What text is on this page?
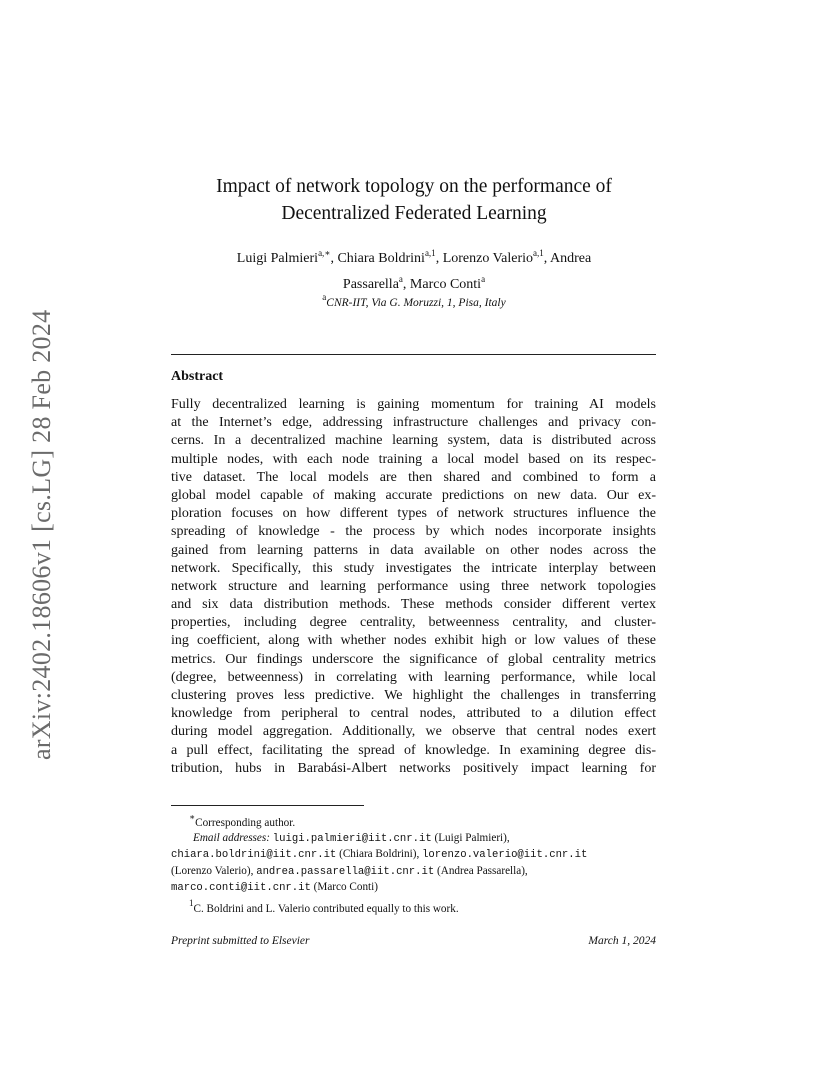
arXiv:2402.18606v1 [cs.LG] 28 Feb 2024
Impact of network topology on the performance of
Decentralized Federated Learning
Luigi Palmieri$^{a,∗}$, Chiara Boldrini$^{a,1}$, Lorenzo Valerio$^{a,1}$, Andrea
Passarella$^a$, Marco Conti$^a$
$^a$CNR-IIT, Via G. Moruzzi, 1, Pisa, Italy
Abstract
Fully decentralized learning is gaining momentum for training AI models
at the Internet’s edge, addressing infrastructure challenges and privacy con-
cerns. In a decentralized machine learning system, data is distributed across
multiple nodes, with each node training a local model based on its respec-
tive dataset. The local models are then shared and combined to form a
global model capable of making accurate predictions on new data. Our ex-
ploration focuses on how different types of network structures influence the
spreading of knowledge - the process by which nodes incorporate insights
gained from learning patterns in data available on other nodes across the
network. Specifically, this study investigates the intricate interplay between
network structure and learning performance using three network topologies
and six data distribution methods. These methods consider different vertex
properties, including degree centrality, betweenness centrality, and cluster-
ing coefficient, along with whether nodes exhibit high or low values of these
metrics. Our findings underscore the significance of global centrality metrics
(degree, betweenness) in correlating with learning performance, while local
clustering proves less predictive. We highlight the challenges in transferring
knowledge from peripheral to central nodes, attributed to a dilution effect
during model aggregation. Additionally, we observe that central nodes exert
a pull effect, facilitating the spread of knowledge. In examining degree dis-
tribution, hubs in Barabási-Albert networks positively impact learning for
∗Corresponding author.
Email addresses: luigi.palmieri@iit.cnr.it (Luigi Palmieri),
chiara.boldrini@iit.cnr.it (Chiara Boldrini), lorenzo.valerio@iit.cnr.it
(Lorenzo Valerio), andrea.passarella@iit.cnr.it (Andrea Passarella),
marco.conti@iit.cnr.it (Marco Conti)
$^1$C. Boldrini and L. Valerio contributed equally to this work.
Preprint submitted to Elsevier	March 1, 2024
